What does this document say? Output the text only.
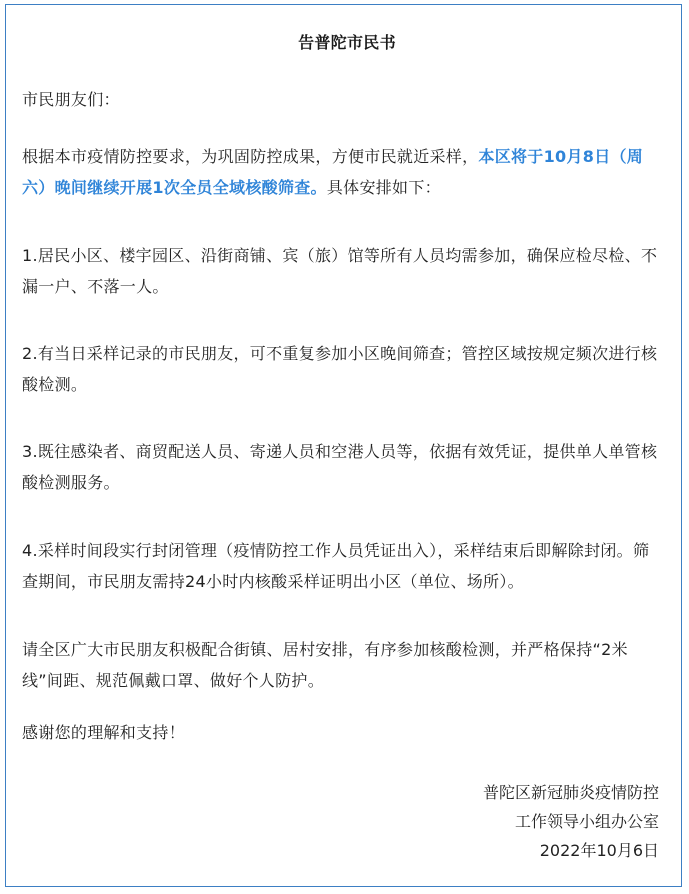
告普陀市民书

市民朋友们：

根据本市疫情防控要求，为巩固防控成果，方便市民就近采样，本区将于10月8日（周六）晚间继续开展1次全员全域核酸筛查。具体安排如下：

1.居民小区、楼宇园区、沿街商铺、宾（旅）馆等所有人员均需参加，确保应检尽检、不漏一户、不落一人。

2.有当日采样记录的市民朋友，可不重复参加小区晚间筛查；管控区域按规定频次进行核酸检测。

3.既往感染者、商贸配送人员、寄递人员和空港人员等，依据有效凭证，提供单人单管核酸检测服务。

4.采样时间段实行封闭管理（疫情防控工作人员凭证出入），采样结束后即解除封闭。筛查期间，市民朋友需持24小时内核酸采样证明出小区（单位、场所）。

请全区广大市民朋友积极配合街镇、居村安排，有序参加核酸检测，并严格保持“2米线”间距、规范佩戴口罩、做好个人防护。

感谢您的理解和支持！

普陀区新冠肺炎疫情防控
工作领导小组办公室
2022年10月6日
